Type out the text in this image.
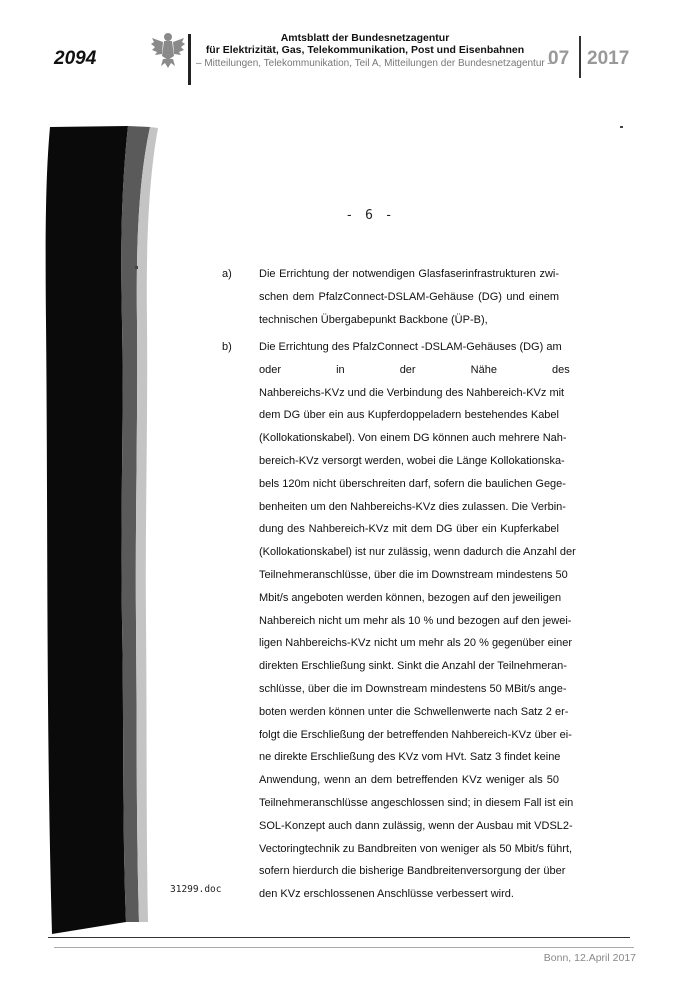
2094
Amtsblatt der Bundesnetzagentur
für Elektrizität, Gas, Telekommunikation, Post und Eisenbahnen
– Mitteilungen, Telekommunikation, Teil A, Mitteilungen der Bundesnetzagentur –
07 2017
- 6 -
a) Die Errichtung der notwendigen Glasfaserinfrastrukturen zwi-
schen dem PfalzConnect-DSLAM-Gehäuse (DG) und einem
technischen Übergabepunkt Backbone (ÜP-B),
b) Die Errichtung des PfalzConnect -DSLAM-Gehäuses (DG) am
oder in der Nähe des
Nahbereichs-KVz und die Verbindung des Nahbereich-KVz mit
dem DG über ein aus Kupferdoppeladern bestehendes Kabel
(Kollokationskabel). Von einem DG können auch mehrere Nah-
bereich-KVz versorgt werden, wobei die Länge Kollokationska-
bels 120m nicht überschreiten darf, sofern die baulichen Gege-
benheiten um den Nahbereichs-KVz dies zulassen. Die Verbin-
dung des Nahbereich-KVz mit dem DG über ein Kupferkabel
(Kollokationskabel) ist nur zulässig, wenn dadurch die Anzahl der
Teilnehmeranschlüsse, über die im Downstream mindestens 50
Mbit/s angeboten werden können, bezogen auf den jeweiligen
Nahbereich nicht um mehr als 10 % und bezogen auf den jewei-
ligen Nahbereichs-KVz nicht um mehr als 20 % gegenüber einer
direkten Erschließung sinkt. Sinkt die Anzahl der Teilnehmeran-
schlüsse, über die im Downstream mindestens 50 MBit/s ange-
boten werden können unter die Schwellenwerte nach Satz 2 er-
folgt die Erschließung der betreffenden Nahbereich-KVz über ei-
ne direkte Erschließung des KVz vom HVt. Satz 3 findet keine
Anwendung, wenn an dem betreffenden KVz weniger als 50
Teilnehmeranschlüsse angeschlossen sind; in diesem Fall ist ein
SOL-Konzept auch dann zulässig, wenn der Ausbau mit VDSL2-
Vectoringtechnik zu Bandbreiten von weniger als 50 Mbit/s führt,
sofern hierdurch die bisherige Bandbreitenversorgung der über
den KVz erschlossenen Anschlüsse verbessert wird.
31299.doc
Bonn, 12.April 2017
